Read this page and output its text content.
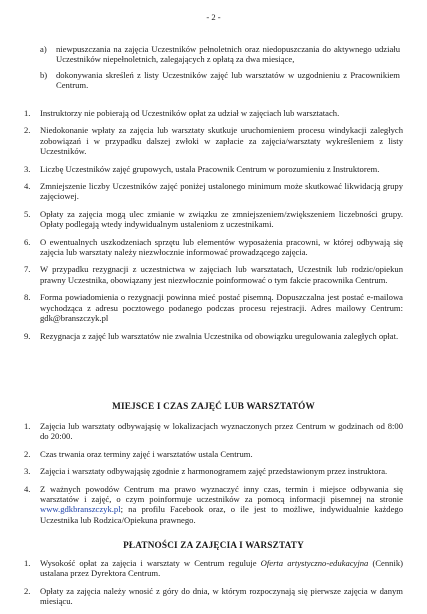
- 2 -
a)	niewpuszczania na zajęcia Uczestników pełnoletnich oraz niedopuszczania do aktywnego udziału Uczestników niepełnoletnich, zalegających z opłatą za dwa miesiące,
b)	dokonywania skreśleń z listy Uczestników zajęć lub warsztatów w uzgodnieniu z Pracownikiem Centrum.
1.	Instruktorzy nie pobierają od Uczestników opłat za udział w zajęciach lub warsztatach.
2.	Niedokonanie wpłaty za zajęcia lub warsztaty skutkuje uruchomieniem procesu windykacji zaległych zobowiązań i w przypadku dalszej zwłoki w zapłacie za zajęcia/warsztaty wykreśleniem z listy Uczestników.
3.	Liczbę Uczestników zajęć grupowych, ustala Pracownik Centrum w porozumieniu z Instruktorem.
4.	Zmniejszenie liczby Uczestników zajęć poniżej ustalonego minimum może skutkować likwidacją grupy zajęciowej.
5.	Opłaty za zajęcia mogą ulec zmianie w związku ze zmniejszeniem/zwiększeniem liczebności grupy. Opłaty podlegają wtedy indywidualnym ustaleniom z uczestnikami.
6.	O ewentualnych uszkodzeniach sprzętu lub elementów wyposażenia pracowni, w której odbywają się zajęcia lub warsztaty należy niezwłocznie informować prowadzącego zajęcia.
7.	W przypadku rezygnacji z uczestnictwa w zajęciach lub warsztatach, Uczestnik lub rodzic/opiekun prawny Uczestnika, obowiązany jest niezwłocznie poinformować o tym fakcie pracownika Centrum.
8.	Forma powiadomienia o rezygnacji powinna mieć postać pisemną. Dopuszczalna jest postać e-mailowa wychodząca z adresu pocztowego podanego podczas procesu rejestracji. Adres mailowy Centrum: gdk@branszczyk.pl
9.	Rezygnacja z zajęć lub warsztatów nie zwalnia Uczestnika od obowiązku uregulowania zaległych opłat.
MIEJSCE I CZAS ZAJĘĆ LUB WARSZTATÓW
1.	Zajęcia lub warsztaty odbywająsię w lokalizacjach wyznaczonych przez Centrum w godzinach od 8:00 do 20:00.
2.	Czas trwania oraz terminy zajęć i warsztatów ustala Centrum.
3.	Zajęcia i warsztaty odbywająsię zgodnie z harmonogramem zajęć przedstawionym przez instruktora.
4.	Z ważnych powodów Centrum ma prawo wyznaczyć inny czas, termin i miejsce odbywania się warsztatów i zajęć, o czym poinformuje uczestników za pomocą informacji pisemnej na stronie www.gdkbranszczyk.pl; na profilu Facebook oraz, o ile jest to możliwe, indywidualnie każdego Uczestnika lub Rodzica/Opiekuna prawnego.
PŁATNOŚCI ZA ZAJĘCIA I WARSZTATY
1.	Wysokość opłat za zajęcia i warsztaty w Centrum reguluje Oferta artystyczno-edukacyjna (Cennik) ustalana przez Dyrektora Centrum.
2.	Opłaty za zajęcia należy wnosić z góry do dnia, w którym rozpoczynają się pierwsze zajęcia w danym miesiącu.
